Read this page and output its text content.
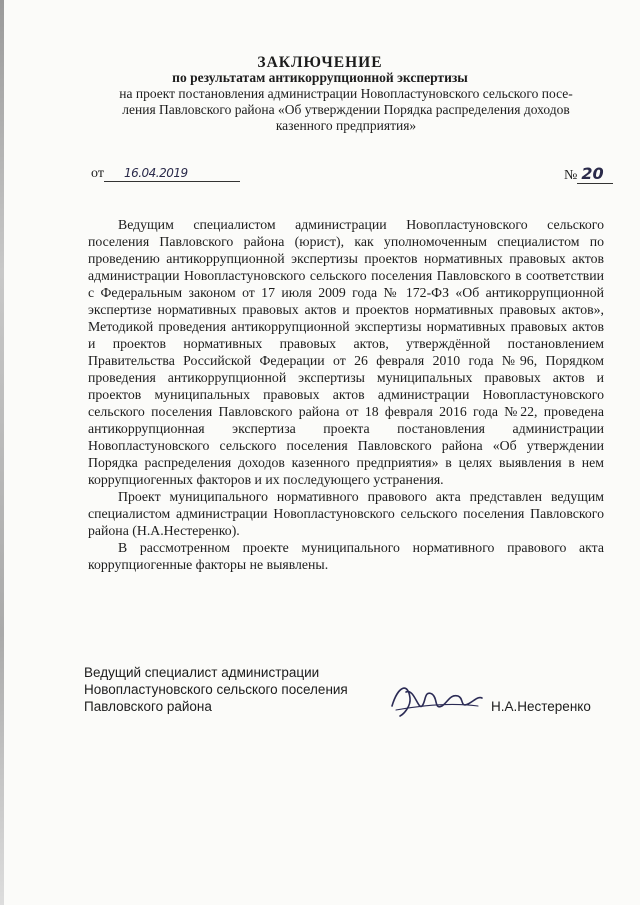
ЗАКЛЮЧЕНИЕ
по результатам антикоррупционной экспертизы
на проект постановления администрации Новопластуновского сельского посе-
ления Павловского района «Об утверждении Порядка распределения доходов
казенного предприятия»
от 16.04.2019	№ 20

Ведущим специалистом администрации Новопластуновского сельского поселения Павловского района (юрист), как уполномоченным специалистом по проведению антикоррупционной экспертизы проектов нормативных правовых актов администрации Новопластуновского сельского поселения Павловского в соответствии с Федеральным законом от 17 июля 2009 года № 172-ФЗ «Об антикоррупционной экспертизе нормативных правовых актов и проектов нормативных правовых актов», Методикой проведения антикоррупционной экспертизы нормативных правовых актов и проектов нормативных правовых актов, утверждённой постановлением Правительства Российской Федерации от 26 февраля 2010 года №96, Порядком проведения антикоррупционной экспертизы муниципальных правовых актов и проектов муниципальных правовых актов администрации Новопластуновского сельского поселения Павловского района от 18 февраля 2016 года №22, проведена антикоррупционная экспертиза проекта постановления администрации Новопластуновского сельского поселения Павловского района «Об утверждении Порядка распределения доходов казенного предприятия» в целях выявления в нем коррупциогенных факторов и их последующего устранения.

Проект муниципального нормативного правового акта представлен ведущим специалистом администрации Новопластуновского сельского поселения Павловского района (Н.А.Нестеренко).

В рассмотренном проекте муниципального нормативного правового акта коррупциогенные факторы не выявлены.

Ведущий специалист администрации
Новопластуновского сельского поселения
Павловского района	Н.А.Нестеренко
